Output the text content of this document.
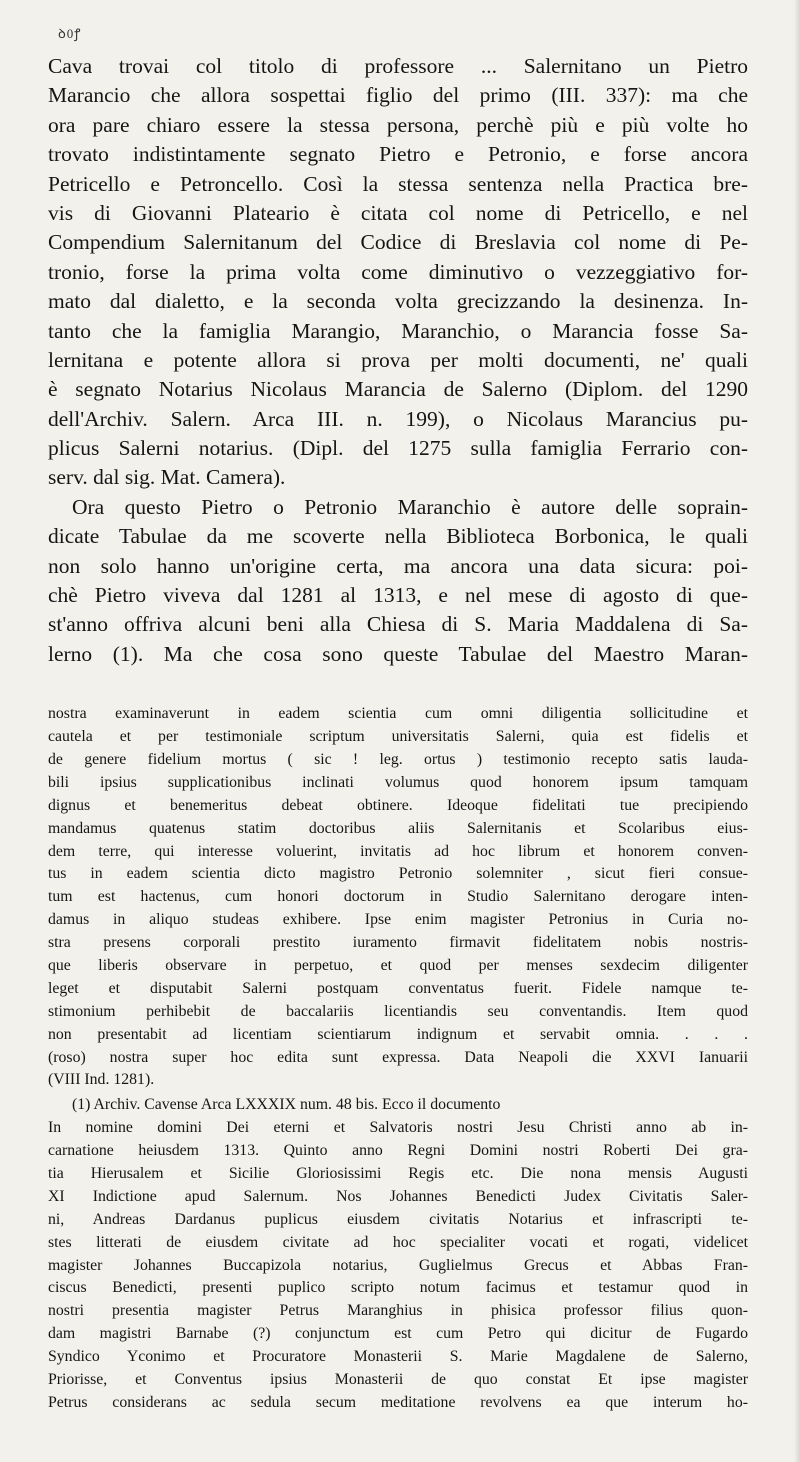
ꝺ0ꝭ
Cava trovai col titolo di professore ... Salernitano un Pietro
Marancio che allora sospettai figlio del primo (III. 337): ma che
ora pare chiaro essere la stessa persona, perchè più e più volte ho
trovato indistintamente segnato Pietro e Petronio, e forse ancora
Petricello e Petroncello. Così la stessa sentenza nella Practica bre-
vis di Giovanni Plateario è citata col nome di Petricello, e nel
Compendium Salernitanum del Codice di Breslavia col nome di Pe-
tronio, forse la prima volta come diminutivo o vezzeggiativo for-
mato dal dialetto, e la seconda volta grecizzando la desinenza. In-
tanto che la famiglia Marangio, Maranchio, o Marancia fosse Sa-
lernitana e potente allora si prova per molti documenti, ne' quali
è segnato Notarius Nicolaus Marancia de Salerno (Diplom. del 1290
dell'Archiv. Salern. Arca III. n. 199), o Nicolaus Marancius pu-
plicus Salerni notarius. (Dipl. del 1275 sulla famiglia Ferrario con-
serv. dal sig. Mat. Camera).
Ora questo Pietro o Petronio Maranchio è autore delle soprain-
dicate Tabulae da me scoverte nella Biblioteca Borbonica, le quali
non solo hanno un'origine certa, ma ancora una data sicura: poi-
chè Pietro viveva dal 1281 al 1313, e nel mese di agosto di que-
st'anno offriva alcuni beni alla Chiesa di S. Maria Maddalena di Sa-
lerno (1). Ma che cosa sono queste Tabulae del Maestro Maran-
nostra examinaverunt in eadem scientia cum omni diligentia sollicitudine et
cautela et per testimoniale scriptum universitatis Salerni, quia est fidelis et
de genere fidelium mortus ( sic ! leg. ortus ) testimonio recepto satis lauda-
bili ipsius supplicationibus inclinati volumus quod honorem ipsum tamquam
dignus et benemeritus debeat obtinere. Ideoque fidelitati tue precipiendo
mandamus quatenus statim doctoribus aliis Salernitanis et Scolaribus eius-
dem terre, qui interesse voluerint, invitatis ad hoc librum et honorem conven-
tus in eadem scientia dicto magistro Petronio solemniter , sicut fieri consue-
tum est hactenus, cum honori doctorum in Studio Salernitano derogare inten-
damus in aliquo studeas exhibere. Ipse enim magister Petronius in Curia no-
stra presens corporali prestito iuramento firmavit fidelitatem nobis nostris-
que liberis observare in perpetuo, et quod per menses sexdecim diligenter
leget et disputabit Salerni postquam conventatus fuerit. Fidele namque te-
stimonium perhibebit de baccalariis licentiandis seu conventandis. Item quod
non presentabit ad licentiam scientiarum indignum et servabit omnia. . . .
(roso) nostra super hoc edita sunt expressa. Data Neapoli die XXVI Ianuarii
(VIII Ind. 1281).
(1) Archiv. Cavense Arca LXXXIX num. 48 bis. Ecco il documento
In nomine domini Dei eterni et Salvatoris nostri Jesu Christi anno ab in-
carnatione heiusdem 1313. Quinto anno Regni Domini nostri Roberti Dei gra-
tia Hierusalem et Sicilie Gloriosissimi Regis etc. Die nona mensis Augusti
XI Indictione apud Salernum. Nos Johannes Benedicti Judex Civitatis Saler-
ni, Andreas Dardanus puplicus eiusdem civitatis Notarius et infrascripti te-
stes litterati de eiusdem civitate ad hoc specialiter vocati et rogati, videlicet
magister Johannes Buccapizola notarius, Guglielmus Grecus et Abbas Fran-
ciscus Benedicti, presenti puplico scripto notum facimus et testamur quod in
nostri presentia magister Petrus Maranghius in phisica professor filius quon-
dam magistri Barnabe (?) conjunctum est cum Petro qui dicitur de Fugardo
Syndico Yconimo et Procuratore Monasterii S. Marie Magdalene de Salerno,
Priorisse, et Conventus ipsius Monasterii de quo constat Et ipse magister
Petrus considerans ac sedula secum meditatione revolvens ea que interum ho-
